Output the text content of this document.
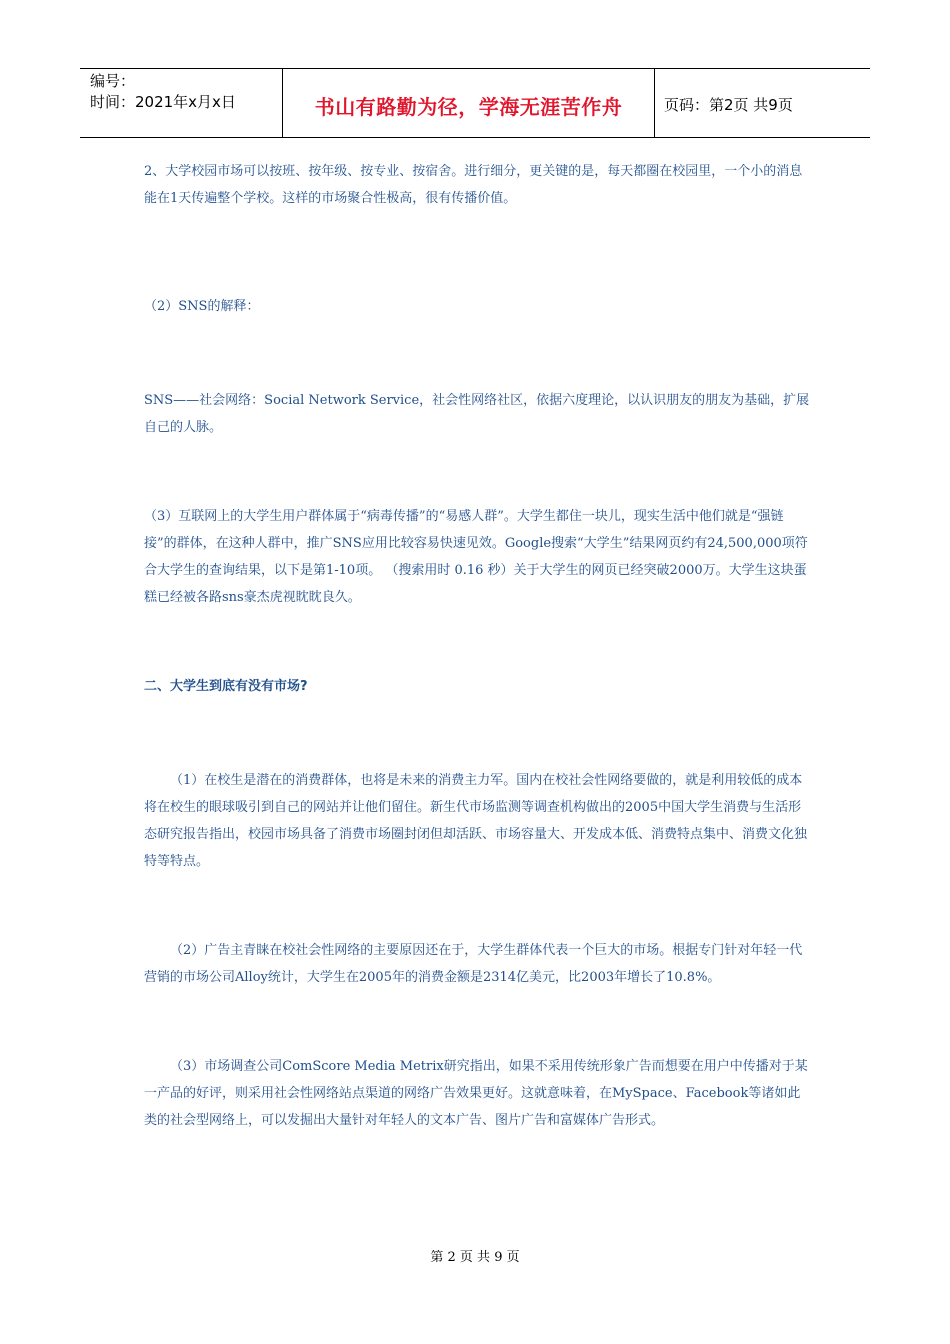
编号：
时间：2021年x月x日	书山有路勤为径，学海无涯苦作舟	页码：第2页 共9页

2、大学校园市场可以按班、按年级、按专业、按宿舍。进行细分，更关键的是，每天都圈在校园里，一个小的消息能在1天传遍整个学校。这样的市场聚合性极高，很有传播价值。

（2）SNS的解释：

SNS——社会网络：Social Network Service，社会性网络社区，依据六度理论，以认识朋友的朋友为基础，扩展自己的人脉。

（3）互联网上的大学生用户群体属于“病毒传播”的“易感人群”。大学生都住一块儿，现实生活中他们就是“强链接”的群体，在这种人群中，推广SNS应用比较容易快速见效。Google搜索“大学生”结果网页约有24,500,000项符合大学生的查询结果，以下是第1-10项。 （搜索用时 0.16 秒）关于大学生的网页已经突破2000万。大学生这块蛋糕已经被各路sns豪杰虎视眈眈良久。

二、大学生到底有没有市场?

（1）在校生是潜在的消费群体，也将是未来的消费主力军。国内在校社会性网络要做的，就是利用较低的成本将在校生的眼球吸引到自己的网站并让他们留住。新生代市场监测等调查机构做出的2005中国大学生消费与生活形态研究报告指出，校园市场具备了消费市场圈封闭但却活跃、市场容量大、开发成本低、消费特点集中、消费文化独特等特点。

（2）广告主青睐在校社会性网络的主要原因还在于，大学生群体代表一个巨大的市场。根据专门针对年轻一代营销的市场公司Alloy统计，大学生在2005年的消费金额是2314亿美元，比2003年增长了10.8%。

（3）市场调查公司ComScore Media Metrix研究指出，如果不采用传统形象广告而想要在用户中传播对于某一产品的好评，则采用社会性网络站点渠道的网络广告效果更好。这就意味着，在MySpace、Facebook等诸如此类的社会型网络上，可以发掘出大量针对年轻人的文本广告、图片广告和富媒体广告形式。

第 2 页 共 9 页
